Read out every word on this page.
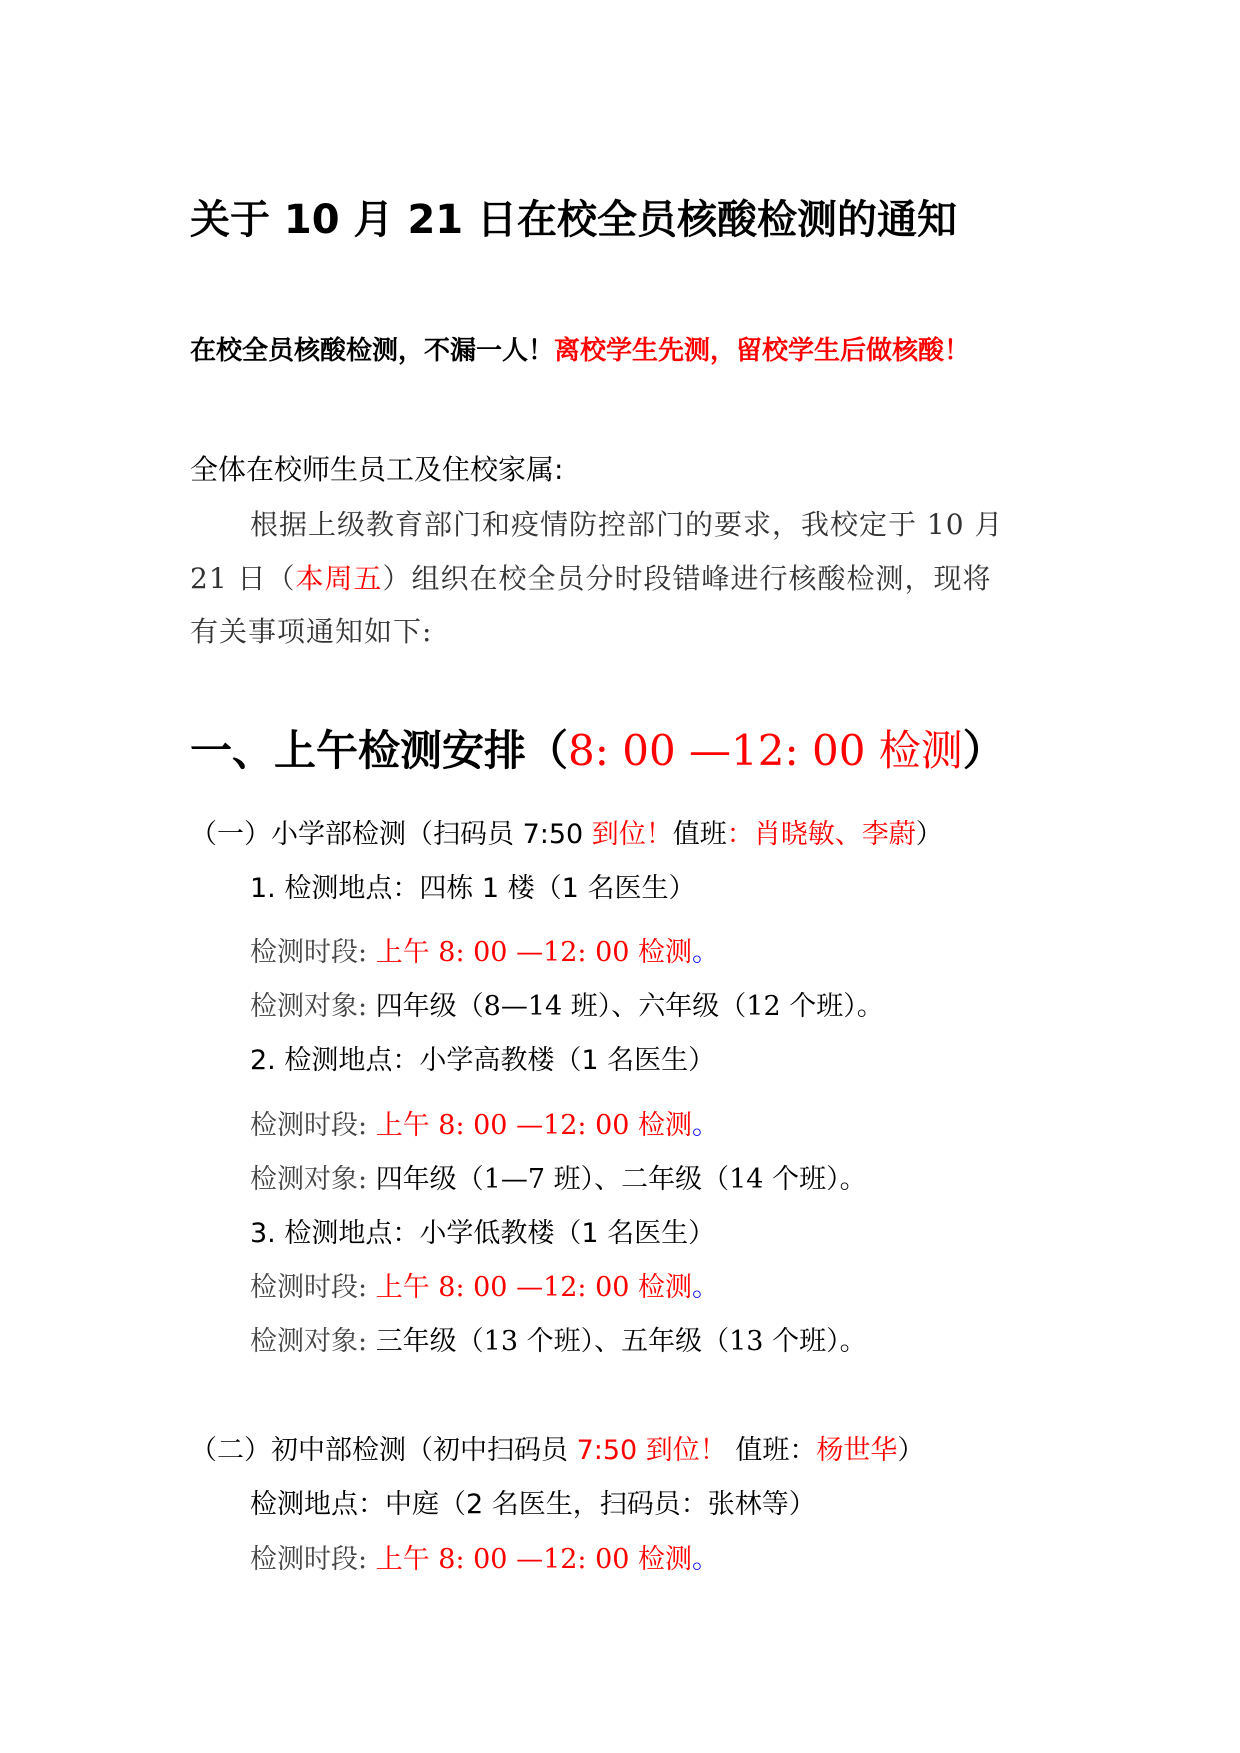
关于 10 月 21 日在校全员核酸检测的通知
在校全员核酸检测，不漏一人！离校学生先测，留校学生后做核酸！
全体在校师生员工及住校家属:
根据上级教育部门和疫情防控部门的要求，我校定于 10 月
21 日（本周五）组织在校全员分时段错峰进行核酸检测，现将
有关事项通知如下:
一、上午检测安排（8: 00 —12: 00 检测）
（一）小学部检测（扫码员 7:50 到位！值班：肖晓敏、李蔚）
1. 检测地点：四栋 1 楼（1 名医生）
检测时段: 上午 8: 00 —12: 00 检测。
检测对象: 四年级（8—14 班）、六年级（12 个班）。
2. 检测地点：小学高教楼（1 名医生）
检测时段: 上午 8: 00 —12: 00 检测。
检测对象: 四年级（1—7 班）、二年级（14 个班）。
3. 检测地点：小学低教楼（1 名医生）
检测时段: 上午 8: 00 —12: 00 检测。
检测对象: 三年级（13 个班）、五年级（13 个班）。
（二）初中部检测（初中扫码员 7:50 到位！ 值班：杨世华）
检测地点：中庭（2 名医生，扫码员：张林等）
检测时段: 上午 8: 00 —12: 00 检测。
